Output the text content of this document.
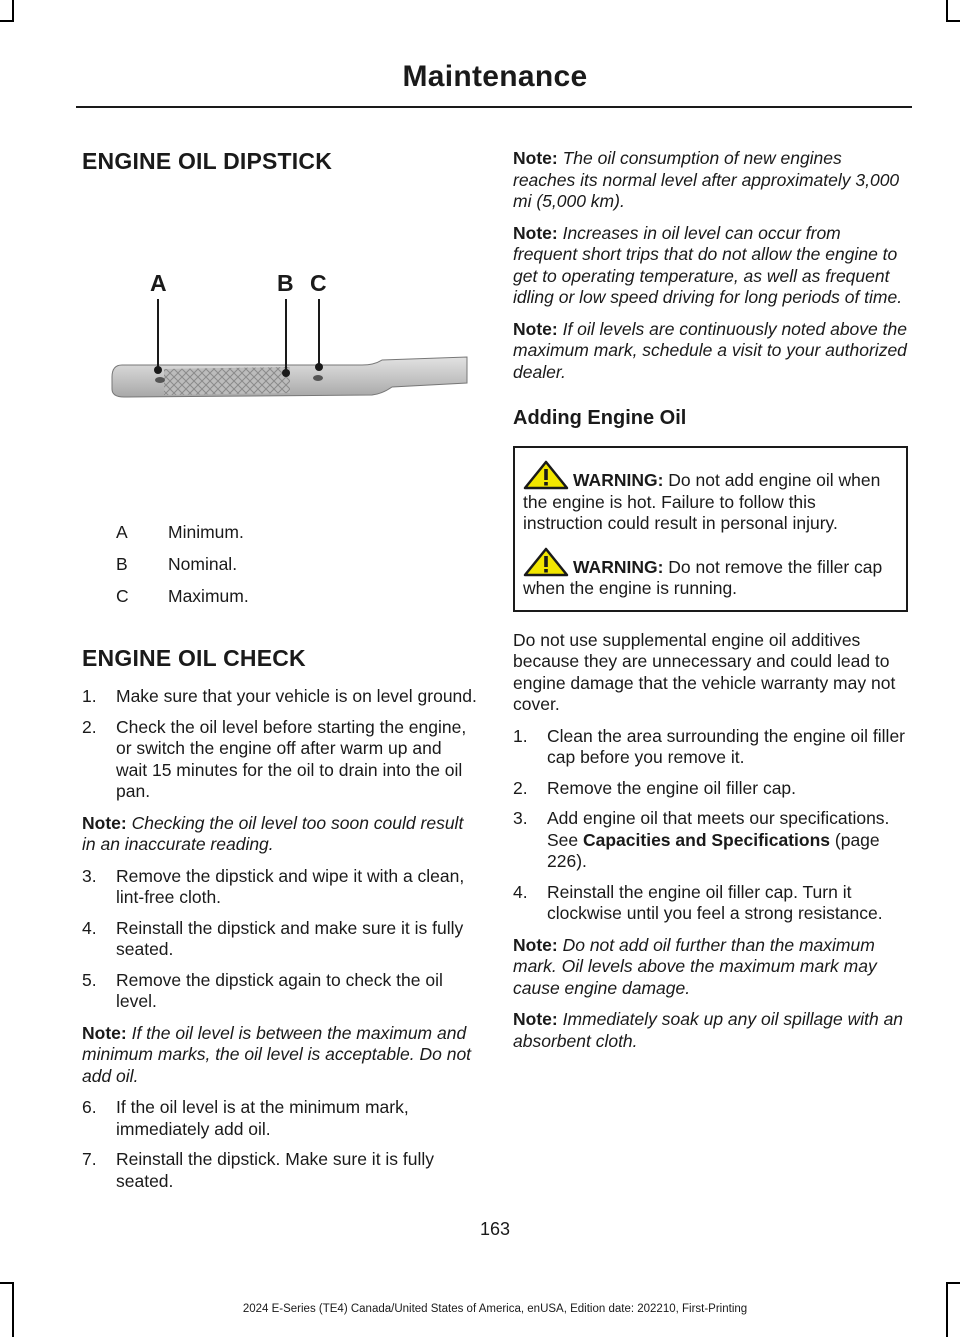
Maintenance
ENGINE OIL DIPSTICK
A	B C
A	Minimum.
B	Nominal.
C	Maximum.
ENGINE OIL CHECK
1. Make sure that your vehicle is on level ground.
2. Check the oil level before starting the engine, or switch the engine off after warm up and wait 15 minutes for the oil to drain into the oil pan.

Note: Checking the oil level too soon could result in an inaccurate reading.

3. Remove the dipstick and wipe it with a clean, lint-free cloth.
4. Reinstall the dipstick and make sure it is fully seated.
5. Remove the dipstick again to check the oil level.

Note: If the oil level is between the maximum and minimum marks, the oil level is acceptable. Do not add oil.

6. If the oil level is at the minimum mark, immediately add oil.
7. Reinstall the dipstick. Make sure it is fully seated.

Note: The oil consumption of new engines reaches its normal level after approximately 3,000 mi (5,000 km).

Note: Increases in oil level can occur from frequent short trips that do not allow the engine to get to operating temperature, as well as frequent idling or low speed driving for long periods of time.

Note: If oil levels are continuously noted above the maximum mark, schedule a visit to your authorized dealer.

Adding Engine Oil

WARNING: Do not add engine oil when the engine is hot. Failure to follow this instruction could result in personal injury.

WARNING: Do not remove the filler cap when the engine is running.

Do not use supplemental engine oil additives because they are unnecessary and could lead to engine damage that the vehicle warranty may not cover.

1. Clean the area surrounding the engine oil filler cap before you remove it.
2. Remove the engine oil filler cap.
3. Add engine oil that meets our specifications. See Capacities and Specifications (page 226).
4. Reinstall the engine oil filler cap. Turn it clockwise until you feel a strong resistance.

Note: Do not add oil further than the maximum mark. Oil levels above the maximum mark may cause engine damage.

Note: Immediately soak up any oil spillage with an absorbent cloth.

163
2024 E-Series (TE4) Canada/United States of America, enUSA, Edition date: 202210, First-Printing
